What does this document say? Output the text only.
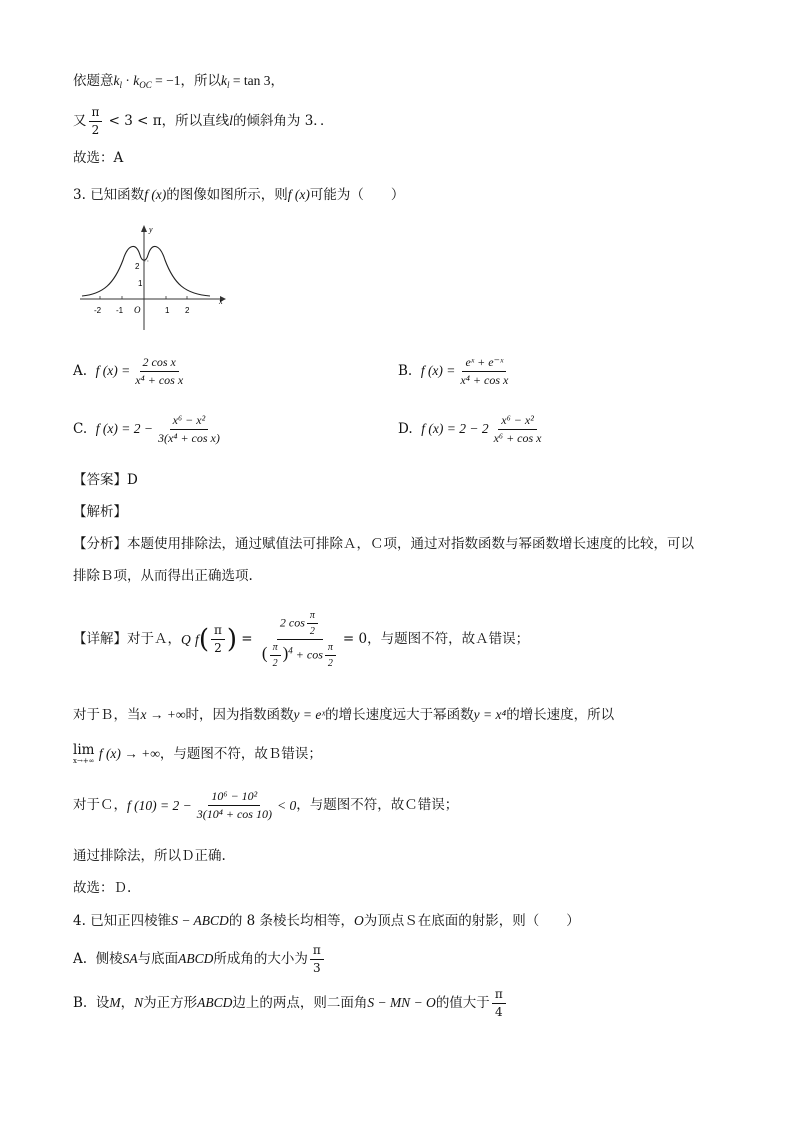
依题意$k_l \cdot k_{OC} = -1$，所以$k_l = \tan 3$，
又 $\frac{\pi}{2} < 3 < \pi$，所以直线l的倾斜角为 3．．
故选：A
3. 已知函数f (x)的图像如图所示，则f (x)可能为（　　）
y
x
2
1
-2 -1 O	1 2
A. f $(x) = \frac{\text{2 cos x}}{\text{x⁴ + cos x}}$	B. f $(x) = \frac{\text{eˣ + e⁻ˣ}}{\text{x⁴ + cos x}}$
C. f $(x) = 2 - \frac{\text{x⁶ − x²}}{\text{3(x⁴ + cos x)}}$	D. f $(x) = 2 - 2 \frac{\text{x⁶ − x²}}{\text{x⁶ + cos x}}$
【答案】D
【解析】
【分析】本题使用排除法，通过赋值法可排除Ａ，Ｃ项，通过对指数函数与幂函数增长速度的比较，可以
排除Ｂ项，从而得出正确选项.
【详解】对于Ａ，Q $f( \frac{\pi}{2}$ ) = $\frac{2 \cos \frac{\pi}{2}}{( \frac{\pi}{2} )^4 + \cos \frac{\pi}{2}} = 0$，与题图不符，故Ａ错误；
对于Ｂ，当x → +∞时，因为指数函数y = eˣ的增长速度远大于幂函数y = x⁴的增长速度，所以
lim
x→+∞ f (x) → +∞，与题图不符，故Ｂ错误；
对于Ｃ，f $(10) = 2 - \frac{\text{10⁶ − 10²}}{\text{3(10⁴ + cos 10)}} < 0$，与题图不符，故Ｃ错误；
通过排除法，所以Ｄ正确.
故选：Ｄ.
4. 已知正四棱锥S − ABCD的 8 条棱长均相等，O为顶点Ｓ在底面的射影，则（　　）
A. 侧棱SA与底面ABCD所成角的大小为 $\frac{\pi}{3}$
B. 设M，N为正方形ABCD边上的两点，则二面角S − MN − O的值大于 $\frac{\pi}{4}$
